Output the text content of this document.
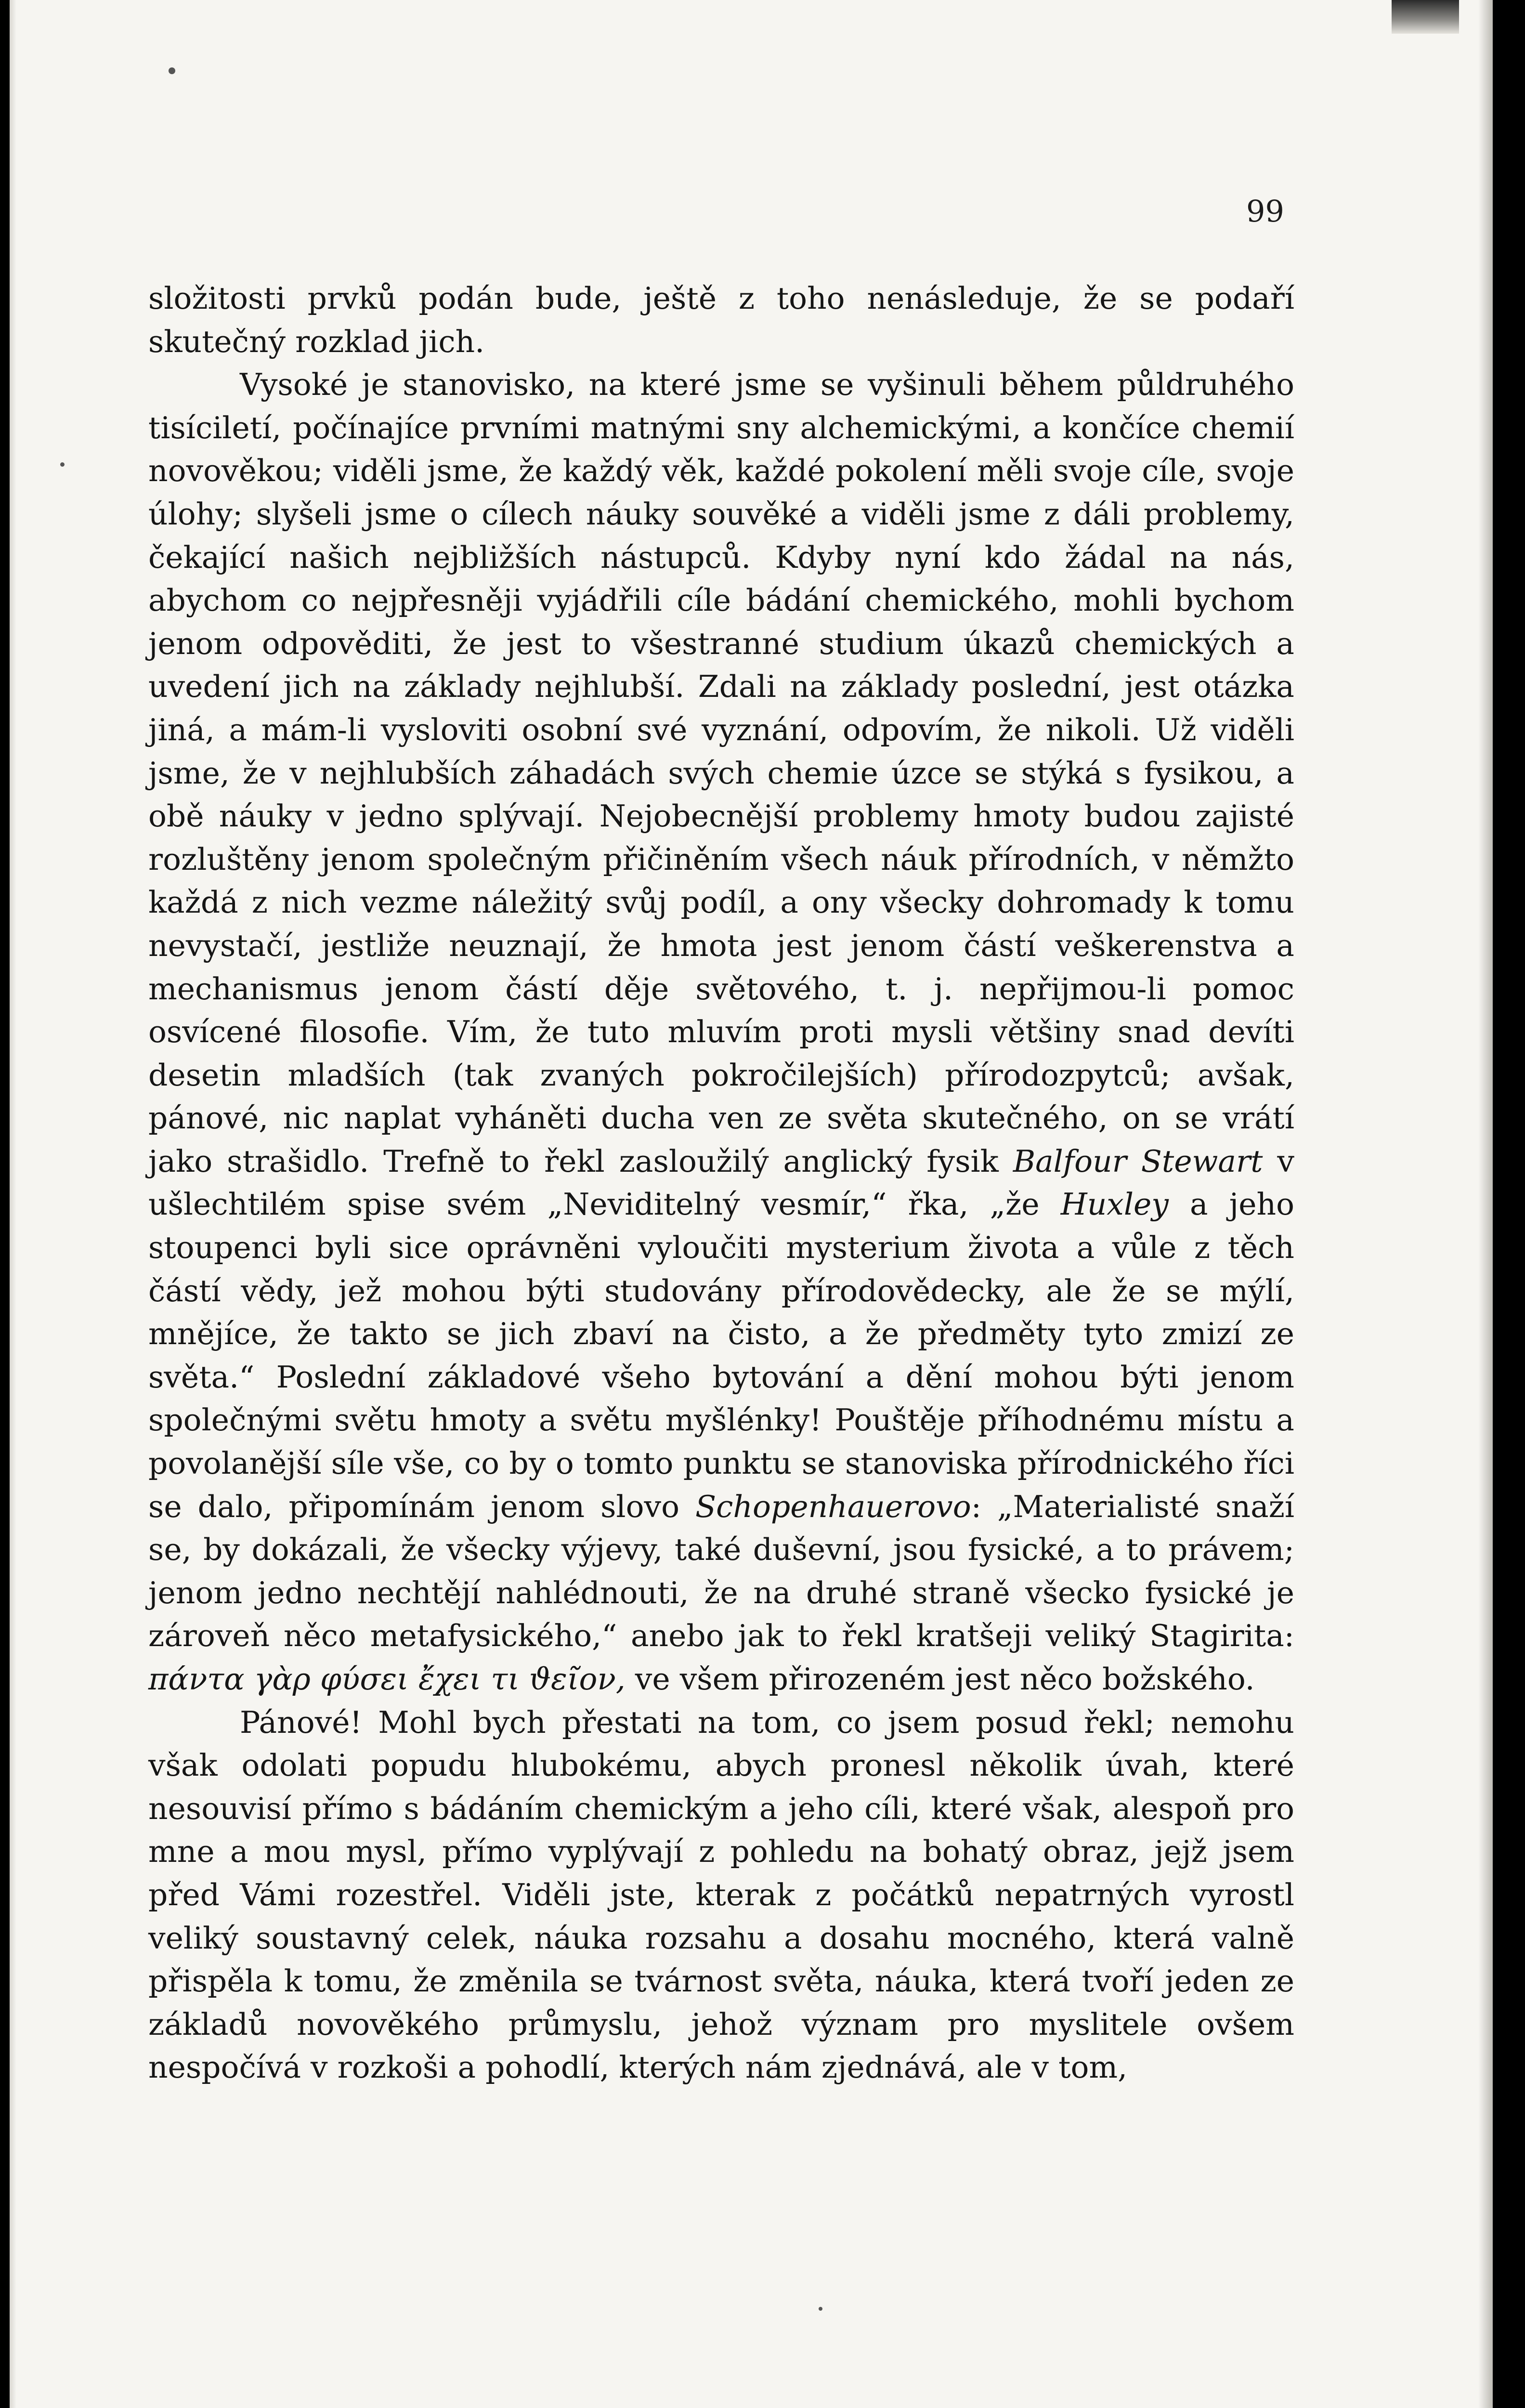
99

složitosti prvků podán bude, ještě z toho nenásleduje, že se podaří skutečný rozklad jich.

Vysoké je stanovisko, na které jsme se vyšinuli během půldruhého tisíciletí, počínajíce prvními matnými sny alchemickými, a končíce chemií novověkou; viděli jsme, že každý věk, každé pokolení měli svoje cíle, svoje úlohy; slyšeli jsme o cílech náuky souvěké a viděli jsme z dáli problemy, čekající našich nejbližších nástupců. Kdyby nyní kdo žádal na nás, abychom co nejpřesněji vyjádřili cíle bádání chemického, mohli bychom jenom odpověditi, že jest to všestranné studium úkazů chemických a uvedení jich na základy nejhlubší. Zdali na základy poslední, jest otázka jiná, a mám-li vysloviti osobní své vyznání, odpovím, že nikoli. Už viděli jsme, že v nejhlubších záhadách svých chemie úzce se stýká s fysikou, a obě náuky v jedno splývají. Nejobecnější problemy hmoty budou zajisté rozluštěny jenom společným přičiněním všech náuk přírodních, v němžto každá z nich vezme náležitý svůj podíl, a ony všecky dohromady k tomu nevystačí, jestliže neuznají, že hmota jest jenom částí veškerenstva a mechanismus jenom částí děje světového, t. j. nepřijmou-li pomoc osvícené filosofie. Vím, že tuto mluvím proti mysli většiny snad devíti desetin mladších (tak zvaných pokročilejších) přírodozpytců; avšak, pánové, nic naplat vyháněti ducha ven ze světa skutečného, on se vrátí jako strašidlo. Trefně to řekl zasloužilý anglický fysik Balfour Stewart v ušlechtilém spise svém „Neviditelný vesmír,“ řka, „že Huxley a jeho stoupenci byli sice oprávněni vyloučiti mysterium života a vůle z těch částí vědy, jež mohou býti studovány přírodovědecky, ale že se mýlí, mnějíce, že takto se jich zbaví na čisto, a že předměty tyto zmizí ze světa.“ Poslední základové všeho bytování a dění mohou býti jenom společnými světu hmoty a světu myšlénky! Pouštěje příhodnému místu a povolanější síle vše, co by o tomto punktu se stanoviska přírodnického říci se dalo, připomínám jenom slovo Schopenhauerovo: „Materialisté snaží se, by dokázali, že všecky výjevy, také duševní, jsou fysické, a to právem; jenom jedno nechtějí nahlédnouti, že na druhé straně všecko fysické je zároveň něco metafysického,“ anebo jak to řekl kratšeji veliký Stagirita: πάντα γὰρ φύσει ἔχει τι ϑεῖον, ve všem přirozeném jest něco božského.

Pánové! Mohl bych přestati na tom, co jsem posud řekl; nemohu však odolati popudu hlubokému, abych pronesl několik úvah, které nesouvisí přímo s bádáním chemickým a jeho cíli, které však, alespoň pro mne a mou mysl, přímo vyplývají z pohledu na bohatý obraz, jejž jsem před Vámi rozestřel. Viděli jste, kterak z počátků nepatrných vyrostl veliký soustavný celek, náuka rozsahu a dosahu mocného, která valně přispěla k tomu, že změnila se tvárnost světa, náuka, která tvoří jeden ze základů novověkého průmyslu, jehož význam pro myslitele ovšem nespočívá v rozkoši a pohodlí, kterých nám zjednává, ale v tom,
